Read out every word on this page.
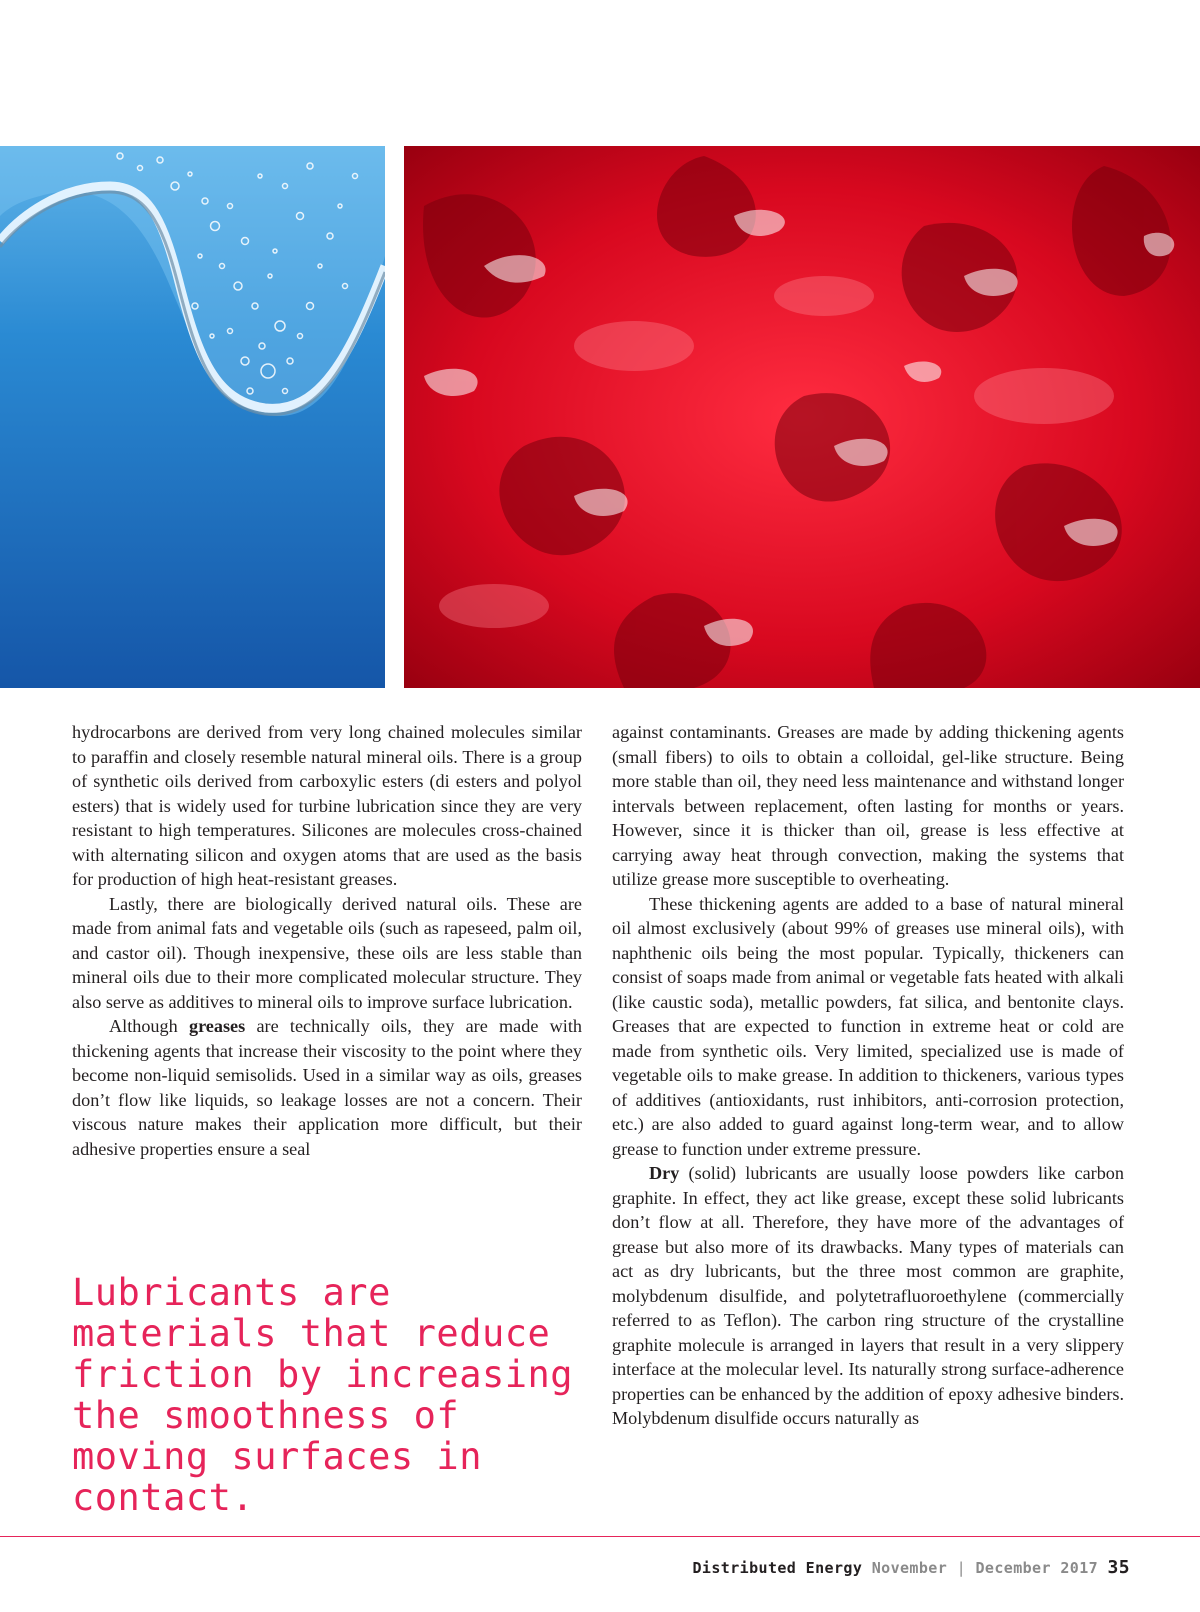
hydrocarbons are derived from very long chained molecules similar to paraffin and closely resemble natural mineral oils. There is a group of synthetic oils derived from carboxylic esters (di esters and polyol esters) that is widely used for turbine lubrication since they are very resistant to high temperatures. Silicones are molecules cross-chained with alternating silicon and oxygen atoms that are used as the basis for production of high heat-resistant greases.

Lastly, there are biologically derived natural oils. These are made from animal fats and vegetable oils (such as rapeseed, palm oil, and castor oil). Though inexpensive, these oils are less stable than mineral oils due to their more complicated molecular structure. They also serve as additives to mineral oils to improve surface lubrication.

Although greases are technically oils, they are made with thickening agents that increase their viscosity to the point where they become non-liquid semisolids. Used in a similar way as oils, greases don’t flow like liquids, so leakage losses are not a concern. Their viscous nature makes their application more difficult, but their adhesive properties ensure a seal

Lubricants are materials that reduce friction by increasing the smoothness of moving surfaces in contact.

against contaminants. Greases are made by adding thickening agents (small fibers) to oils to obtain a colloidal, gel-like structure. Being more stable than oil, they need less maintenance and withstand longer intervals between replacement, often lasting for months or years. However, since it is thicker than oil, grease is less effective at carrying away heat through convection, making the systems that utilize grease more susceptible to overheating.

These thickening agents are added to a base of natural mineral oil almost exclusively (about 99% of greases use mineral oils), with naphthenic oils being the most popular. Typically, thickeners can consist of soaps made from animal or vegetable fats heated with alkali (like caustic soda), metallic powders, fat silica, and bentonite clays. Greases that are expected to function in extreme heat or cold are made from synthetic oils. Very limited, specialized use is made of vegetable oils to make grease. In addition to thickeners, various types of additives (antioxidants, rust inhibitors, anti-corrosion protection, etc.) are also added to guard against long-term wear, and to allow grease to function under extreme pressure.

Dry (solid) lubricants are usually loose powders like carbon graphite. In effect, they act like grease, except these solid lubricants don’t flow at all. Therefore, they have more of the advantages of grease but also more of its drawbacks. Many types of materials can act as dry lubricants, but the three most common are graphite, molybdenum disulfide, and polytetrafluoroethylene (commercially referred to as Teflon). The carbon ring structure of the crystalline graphite molecule is arranged in layers that result in a very slippery interface at the molecular level. Its naturally strong surface-adherence properties can be enhanced by the addition of epoxy adhesive binders. Molybdenum disulfide occurs naturally as

Distributed Energy November | December 2017 35
